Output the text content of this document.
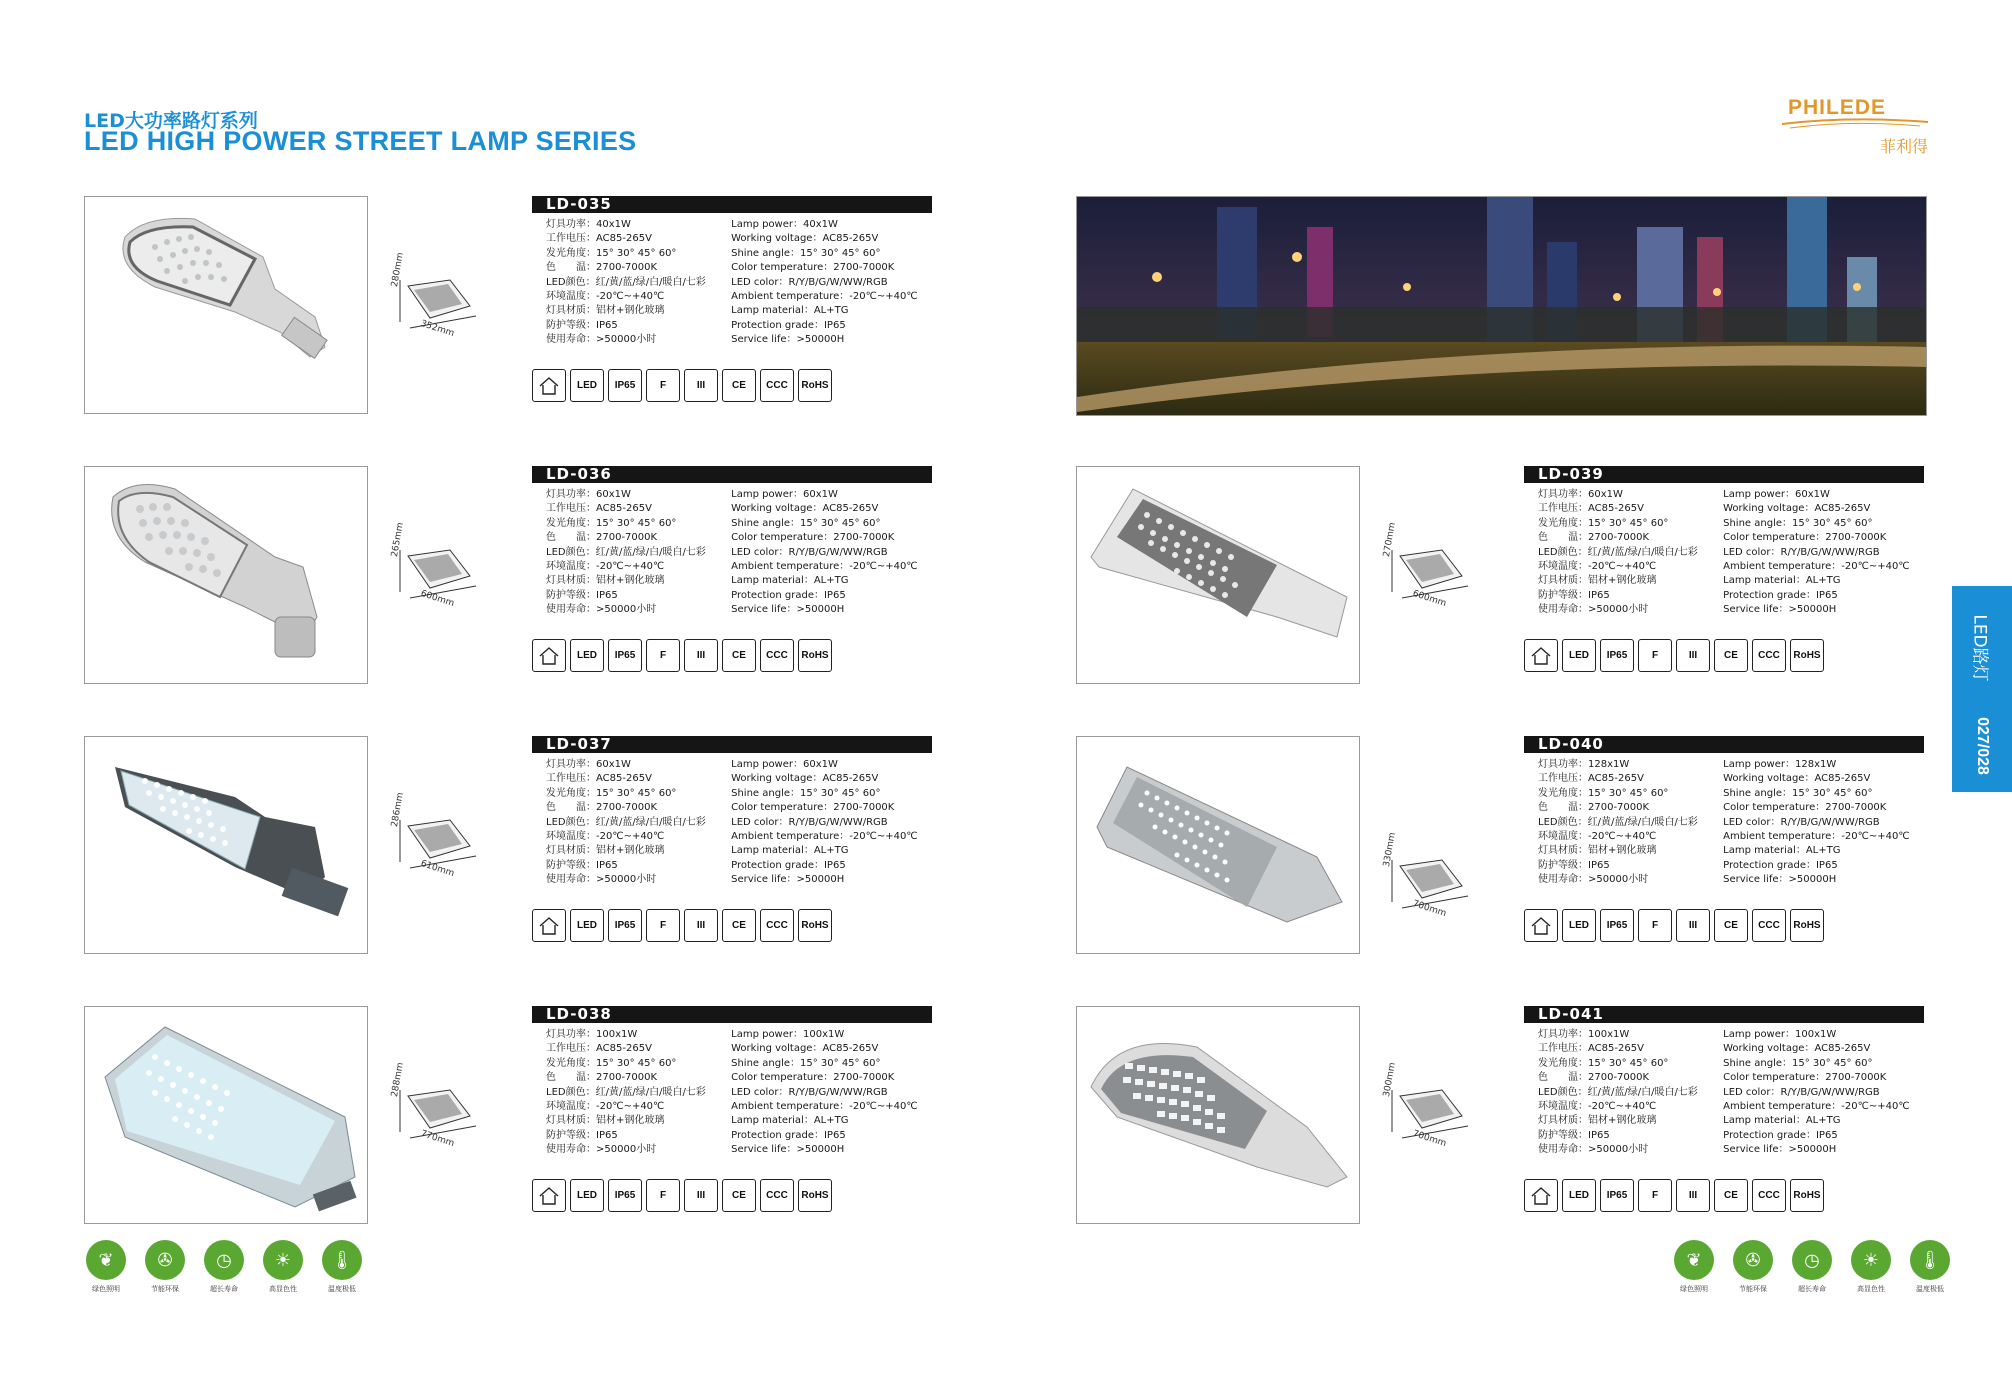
LED大功率路灯系列
LED HIGH POWER STREET LAMP SERIES
PHILEDE
菲利得
LED路灯
027/028
LD-035
280mm
352mm
灯具功率：40x1W	Lamp power：40x1W
工作电压：AC85-265V	Working voltage：AC85-265V
发光角度：15° 30° 45° 60°	Shine angle：15° 30° 45° 60°
色　　温：2700-7000K	Color temperature：2700-7000K
LED颜色：红/黄/蓝/绿/白/暖白/七彩	LED color：R/Y/B/G/W/WW/RGB
环境温度：-20℃~+40℃	Ambient temperature：-20℃~+40℃
灯具材质：铝材+钢化玻璃	Lamp material：AL+TG
防护等级：IP65	Protection grade：IP65
使用寿命：>50000小时	Service life：>50000H
LED	IP65	F	III	CE	CCC	RoHS
LD-036
265mm
600mm
灯具功率：60x1W	Lamp power：60x1W
工作电压：AC85-265V	Working voltage：AC85-265V
发光角度：15° 30° 45° 60°	Shine angle：15° 30° 45° 60°
色　　温：2700-7000K	Color temperature：2700-7000K
LED颜色：红/黄/蓝/绿/白/暖白/七彩	LED color：R/Y/B/G/W/WW/RGB
环境温度：-20℃~+40℃	Ambient temperature：-20℃~+40℃
灯具材质：铝材+钢化玻璃	Lamp material：AL+TG
防护等级：IP65	Protection grade：IP65
使用寿命：>50000小时	Service life：>50000H
LED	IP65	F	III	CE	CCC	RoHS
LD-037
286mm
610mm
灯具功率：60x1W	Lamp power：60x1W
工作电压：AC85-265V	Working voltage：AC85-265V
发光角度：15° 30° 45° 60°	Shine angle：15° 30° 45° 60°
色　　温：2700-7000K	Color temperature：2700-7000K
LED颜色：红/黄/蓝/绿/白/暖白/七彩	LED color：R/Y/B/G/W/WW/RGB
环境温度：-20℃~+40℃	Ambient temperature：-20℃~+40℃
灯具材质：铝材+钢化玻璃	Lamp material：AL+TG
防护等级：IP65	Protection grade：IP65
使用寿命：>50000小时	Service life：>50000H
LED	IP65	F	III	CE	CCC	RoHS
LD-038
288mm
770mm
灯具功率：100x1W	Lamp power：100x1W
工作电压：AC85-265V	Working voltage：AC85-265V
发光角度：15° 30° 45° 60°	Shine angle：15° 30° 45° 60°
色　　温：2700-7000K	Color temperature：2700-7000K
LED颜色：红/黄/蓝/绿/白/暖白/七彩	LED color：R/Y/B/G/W/WW/RGB
环境温度：-20℃~+40℃	Ambient temperature：-20℃~+40℃
灯具材质：铝材+钢化玻璃	Lamp material：AL+TG
防护等级：IP65	Protection grade：IP65
使用寿命：>50000小时	Service life：>50000H
LED	IP65	F	III	CE	CCC	RoHS
LD-039
270mm
600mm
灯具功率：60x1W	Lamp power：60x1W
工作电压：AC85-265V	Working voltage：AC85-265V
发光角度：15° 30° 45° 60°	Shine angle：15° 30° 45° 60°
色　　温：2700-7000K	Color temperature：2700-7000K
LED颜色：红/黄/蓝/绿/白/暖白/七彩	LED color：R/Y/B/G/W/WW/RGB
环境温度：-20℃~+40℃	Ambient temperature：-20℃~+40℃
灯具材质：铝材+钢化玻璃	Lamp material：AL+TG
防护等级：IP65	Protection grade：IP65
使用寿命：>50000小时	Service life：>50000H
LED	IP65	F	III	CE	CCC	RoHS
LD-040
330mm
700mm
灯具功率：128x1W	Lamp power：128x1W
工作电压：AC85-265V	Working voltage：AC85-265V
发光角度：15° 30° 45° 60°	Shine angle：15° 30° 45° 60°
色　　温：2700-7000K	Color temperature：2700-7000K
LED颜色：红/黄/蓝/绿/白/暖白/七彩	LED color：R/Y/B/G/W/WW/RGB
环境温度：-20℃~+40℃	Ambient temperature：-20℃~+40℃
灯具材质：铝材+钢化玻璃	Lamp material：AL+TG
防护等级：IP65	Protection grade：IP65
使用寿命：>50000小时	Service life：>50000H
LED	IP65	F	III	CE	CCC	RoHS
LD-041
300mm
700mm
灯具功率：100x1W	Lamp power：100x1W
工作电压：AC85-265V	Working voltage：AC85-265V
发光角度：15° 30° 45° 60°	Shine angle：15° 30° 45° 60°
色　　温：2700-7000K	Color temperature：2700-7000K
LED颜色：红/黄/蓝/绿/白/暖白/七彩	LED color：R/Y/B/G/W/WW/RGB
环境温度：-20℃~+40℃	Ambient temperature：-20℃~+40℃
灯具材质：铝材+钢化玻璃	Lamp material：AL+TG
防护等级：IP65	Protection grade：IP65
使用寿命：>50000小时	Service life：>50000H
LED	IP65	F	III	CE	CCC	RoHS
❦
绿色照明
✇
节能环保
◷
超长寿命
☀
高显色性
🌡
温度极低
❦
绿色照明
✇
节能环保
◷
超长寿命
☀
高显色性
🌡
温度极低
